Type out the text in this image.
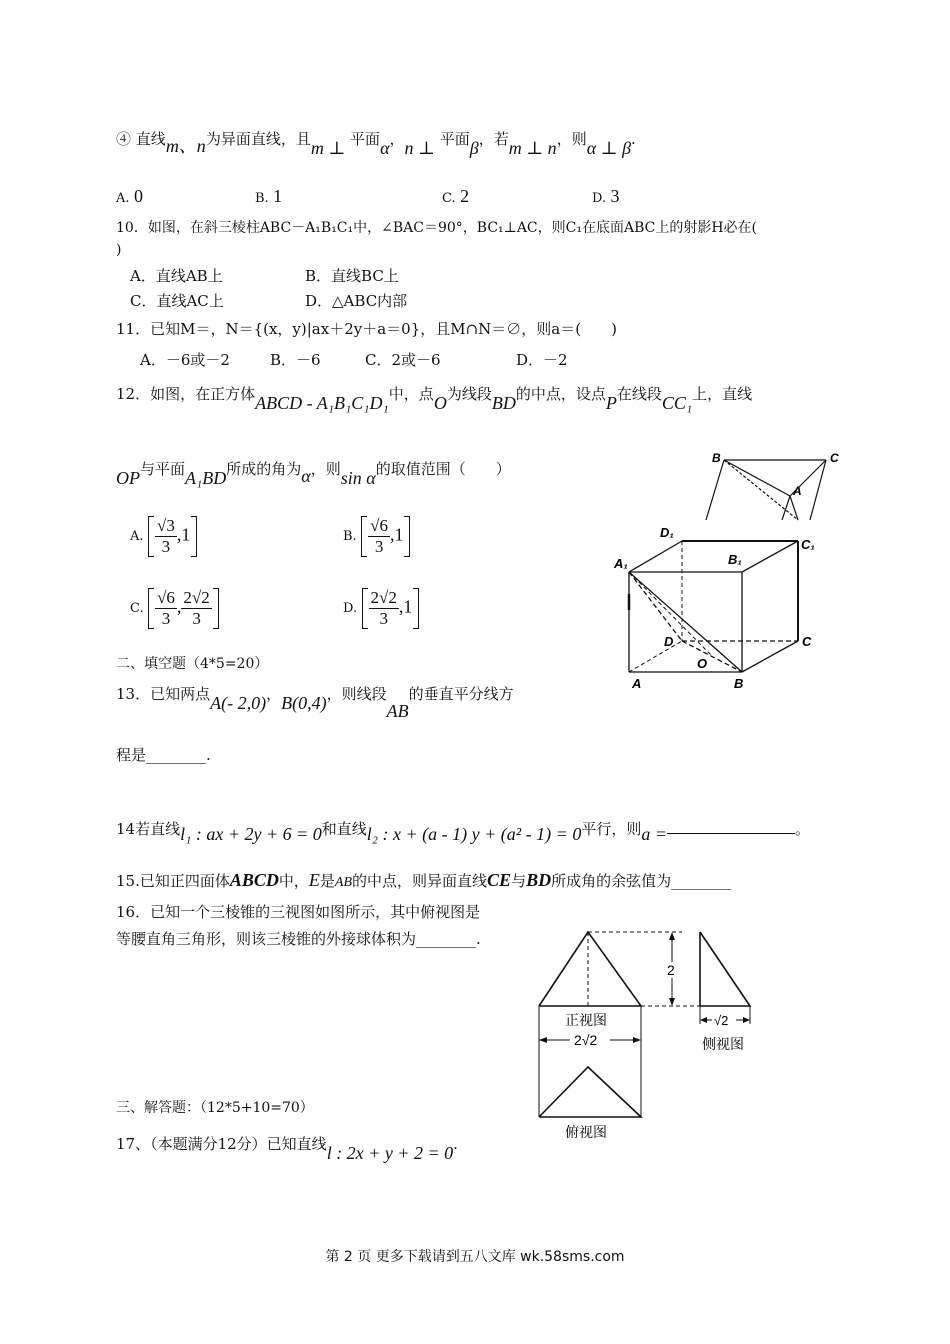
④ 直线m、n为异面直线，且m ⊥ 平面α，n ⊥ 平面β，若m ⊥ n，则α ⊥ β.
A. 0	B. 1	C. 2	D. 3
10．如图，在斜三棱柱ABC－A₁B₁C₁中，∠BAC＝90°，BC₁⊥AC，则C₁在底面ABC上的射影H必在(
)
A．直线AB上	B．直线BC上
C．直线AC上	D．△ABC内部
11．已知M＝，N＝{(x，y)|ax＋2y＋a＝0}，且M∩N＝∅，则a＝(　　)
A．－6或－2	B．－6	C．2或－6	D．－2
12．如图，在正方体ABCD - A₁B₁C₁D₁中，点O为线段BD的中点，设点P在线段CC₁上，直线
OP与平面A₁BD所成的角为α，则sin α的取值范围（　　）
A. $\frac{√3}{3} ,1$	B. $\frac{√6}{3} ,1$
C. $\frac{√6}{3}$ , $\frac{2√2}{3}$	D. $\frac{2√2}{3} ,1$
二、填空题（4*5=20）
13．已知两点A(- 2,0)，B(0,4)，则线段AB的垂直平分线方
程是________.
14若直线l₁ : ax + 2y + 6 = 0和直线l₂ : x + (a - 1) y + (a² - 1) = 0平行，则a =	。
15.已知正四面体ABCD中，E是AB的中点，则异面直线CE与BD所成角的余弦值为________
16．已知一个三棱锥的三视图如图所示，其中俯视图是
等腰直角三角形，则该三棱锥的外接球体积为________.
三、解答题：（12*5+10=70）
17、（本题满分12分）已知直线l : 2x + y + 2 = 0.
B	C
A
D₁
C₁
A₁	B₁
D	C
O
A	B
2
2√2
√2
正视图
侧视图
俯视图
第 2 页 更多下载请到五八文库 wk.58sms.com
